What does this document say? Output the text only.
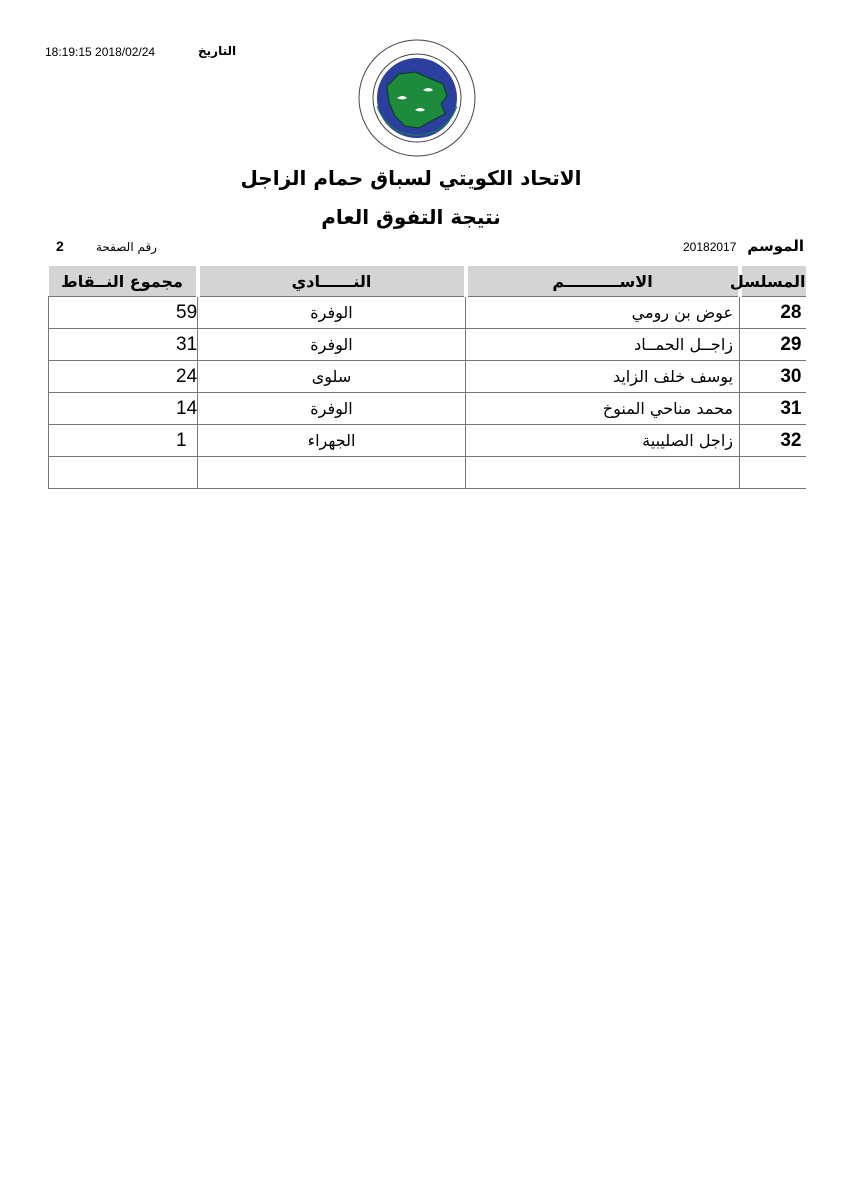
التاريخ
18:19:15 2018/02/24
الاتحاد الكويتي لسباق حمام الزاجل
نتيجة التفوق العام
الموسم
20182017
رقم الصفحة
2
المسلسل	الاســــــــــم	النــــــادي	مجموع النــقاط
28	عوض بن رومي	الوفرة	59
29	زاجــل الحمــاد	الوفرة	31
30	يوسف خلف الزايد	سلوى	24
31	محمد مناحي المنوخ	الوفرة	14
32	زاجل الصليبية	الجهراء	1
